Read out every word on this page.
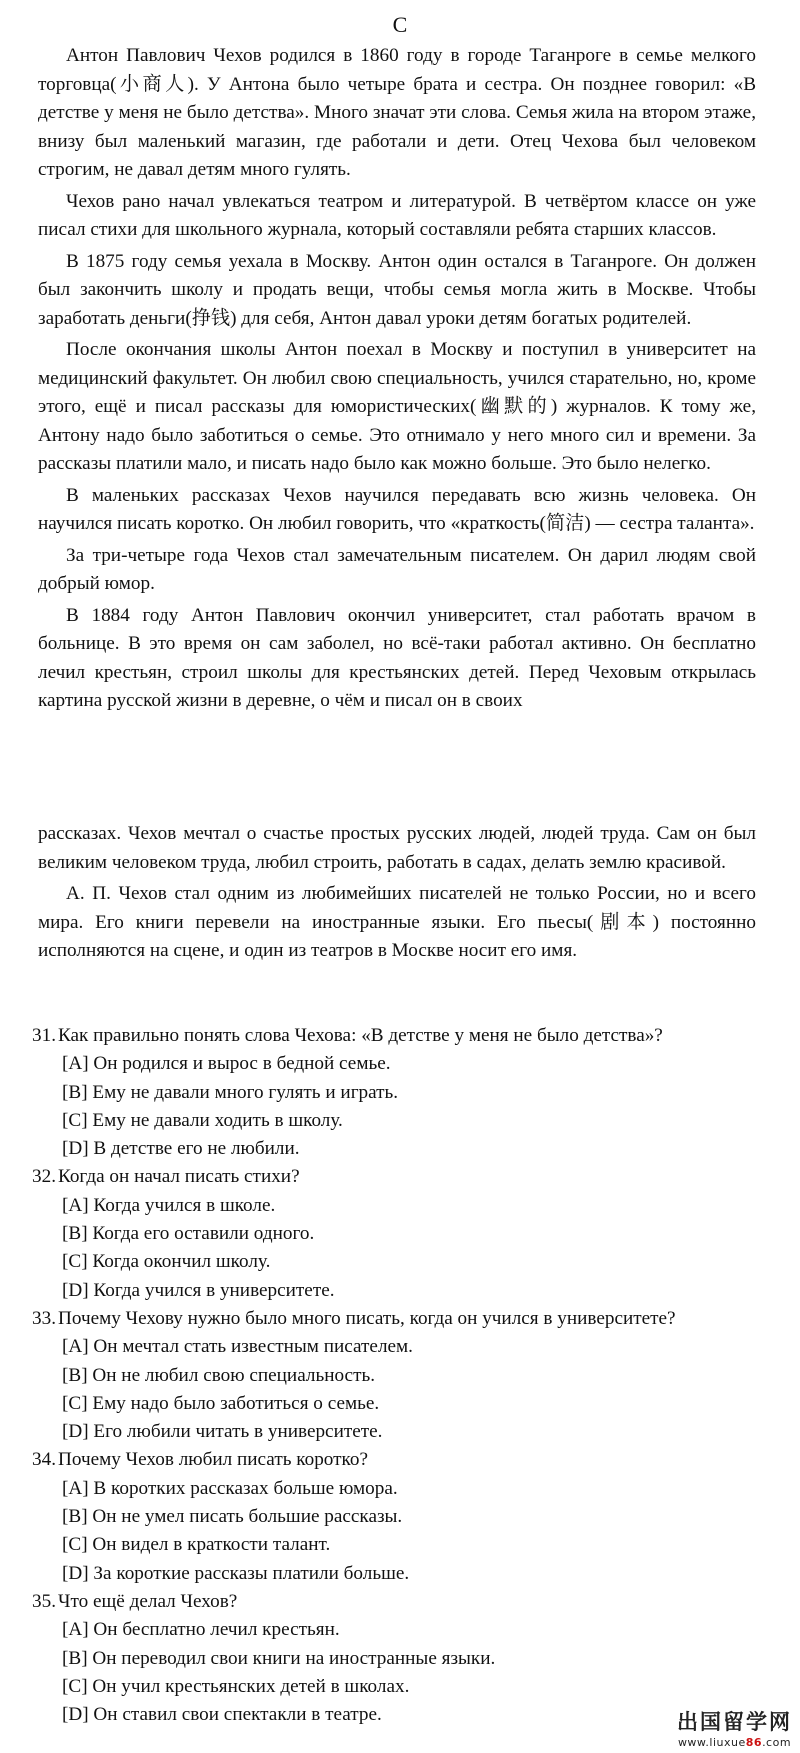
C

Антон Павлович Чехов родился в 1860 году в городе Таганроге в семье мелкого торговца(小商人). У Антона было четыре брата и сестра. Он позднее говорил: «В детстве у меня не было детства». Много значат эти слова. Семья жила на втором этаже, внизу был маленький магазин, где работали и дети. Отец Чехова был человеком строгим, не давал детям много гулять.

Чехов рано начал увлекаться театром и литературой. В четвёртом классе он уже писал стихи для школьного журнала, который составляли ребята старших классов.

В 1875 году семья уехала в Москву. Антон один остался в Таганроге. Он должен был закончить школу и продать вещи, чтобы семья могла жить в Москве. Чтобы заработать деньги(挣钱) для себя, Антон давал уроки детям богатых родителей.

После окончания школы Антон поехал в Москву и поступил в университет на медицинский факультет. Он любил свою специальность, учился старательно, но, кроме этого, ещё и писал рассказы для юмористических(幽默的) журналов. К тому же, Антону надо было заботиться о семье. Это отнимало у него много сил и времени. За рассказы платили мало, и писать надо было как можно больше. Это было нелегко.

В маленьких рассказах Чехов научился передавать всю жизнь человека. Он научился писать коротко. Он любил говорить, что «краткость(简洁) — сестра таланта».

За три-четыре года Чехов стал замечательным писателем. Он дарил людям свой добрый юмор.

В 1884 году Антон Павлович окончил университет, стал работать врачом в больнице. В это время он сам заболел, но всё-таки работал активно. Он бесплатно лечил крестьян, строил школы для крестьянских детей. Перед Чеховым открылась картина русской жизни в деревне, о чём и писал он в своих

рассказах. Чехов мечтал о счастье простых русских людей, людей труда. Сам он был великим человеком труда, любил строить, работать в садах, делать землю красивой.

А. П. Чехов стал одним из любимейших писателей не только России, но и всего мира. Его книги перевели на иностранные языки. Его пьесы(剧本) постоянно исполняются на сцене, и один из театров в Москве носит его имя.

31. Как правильно понять слова Чехова: «В детстве у меня не было детства»?
[A] Он родился и вырос в бедной семье.
[B] Ему не давали много гулять и играть.
[C] Ему не давали ходить в школу.
[D] В детстве его не любили.
32. Когда он начал писать стихи?
[A] Когда учился в школе.
[B] Когда его оставили одного.
[C] Когда окончил школу.
[D] Когда учился в университете.
33. Почему Чехову нужно было много писать, когда он учился в университете?
[A] Он мечтал стать известным писателем.
[B] Он не любил свою специальность.
[C] Ему надо было заботиться о семье.
[D] Его любили читать в университете.
34. Почему Чехов любил писать коротко?
[A] В коротких рассказах больше юмора.
[B] Он не умел писать большие рассказы.
[C] Он видел в краткости талант.
[D] За короткие рассказы платили больше.
35. Что ещё делал Чехов?
[A] Он бесплатно лечил крестьян.
[B] Он переводил свои книги на иностранные языки.
[C] Он учил крестьянских детей в школах.
[D] Он ставил свои спектакли в театре.	出国留学网
www.liuxue86.com
